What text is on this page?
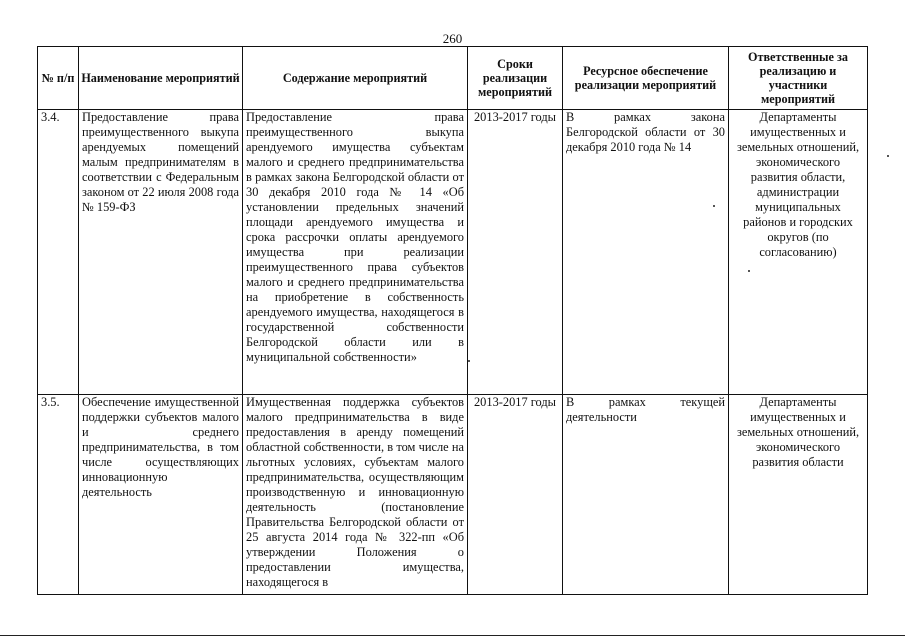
260
№ п/п	Наименование мероприятий	Содержание мероприятий	Сроки реализации мероприятий	Ресурсное обеспечение реализации мероприятий	Ответственные за реализацию и участники мероприятий
3.4.	Предоставление права преимущественного выкупа арендуемых помещений малым предпринимателям в соответствии с Федеральным законом от 22 июля 2008 года № 159-ФЗ	Предоставление права преимущественного выкупа арендуемого имущества субъектам малого и среднего предпринимательства в рамках закона Белгородской области от 30 декабря 2010 года № 14 «Об установлении предельных значений площади арендуемого имущества и срока рассрочки оплаты арендуемого имущества при реализации преимущественного права субъектов малого и среднего предпринимательства на приобретение в собственность арендуемого имущества, находящегося в государственной собственности Белгородской области или в муниципальной собственности»	2013-2017 годы	В рамках закона Белгородской области от 30 декабря 2010 года № 14	Департаменты имущественных и земельных отношений, экономического развития области, администрации муниципальных районов и городских округов (по согласованию)

3.5.	Обеспечение имущественной поддержки субъектов малого и среднего предпринимательства, в том числе осуществляющих инновационную деятельность	Имущественная поддержка субъектов малого предпринимательства в виде предоставления в аренду помещений областной собственности, в том числе на льготных условиях, субъектам малого предпринимательства, осуществляющим производственную и инновационную деятельность (постановление Правительства Белгородской области от 25 августа 2014 года № 322-пп «Об утверждении Положения о предоставлении имущества, находящегося в	2013-2017 годы	В рамках текущей деятельности	Департаменты имущественных и земельных отношений, экономического развития области
